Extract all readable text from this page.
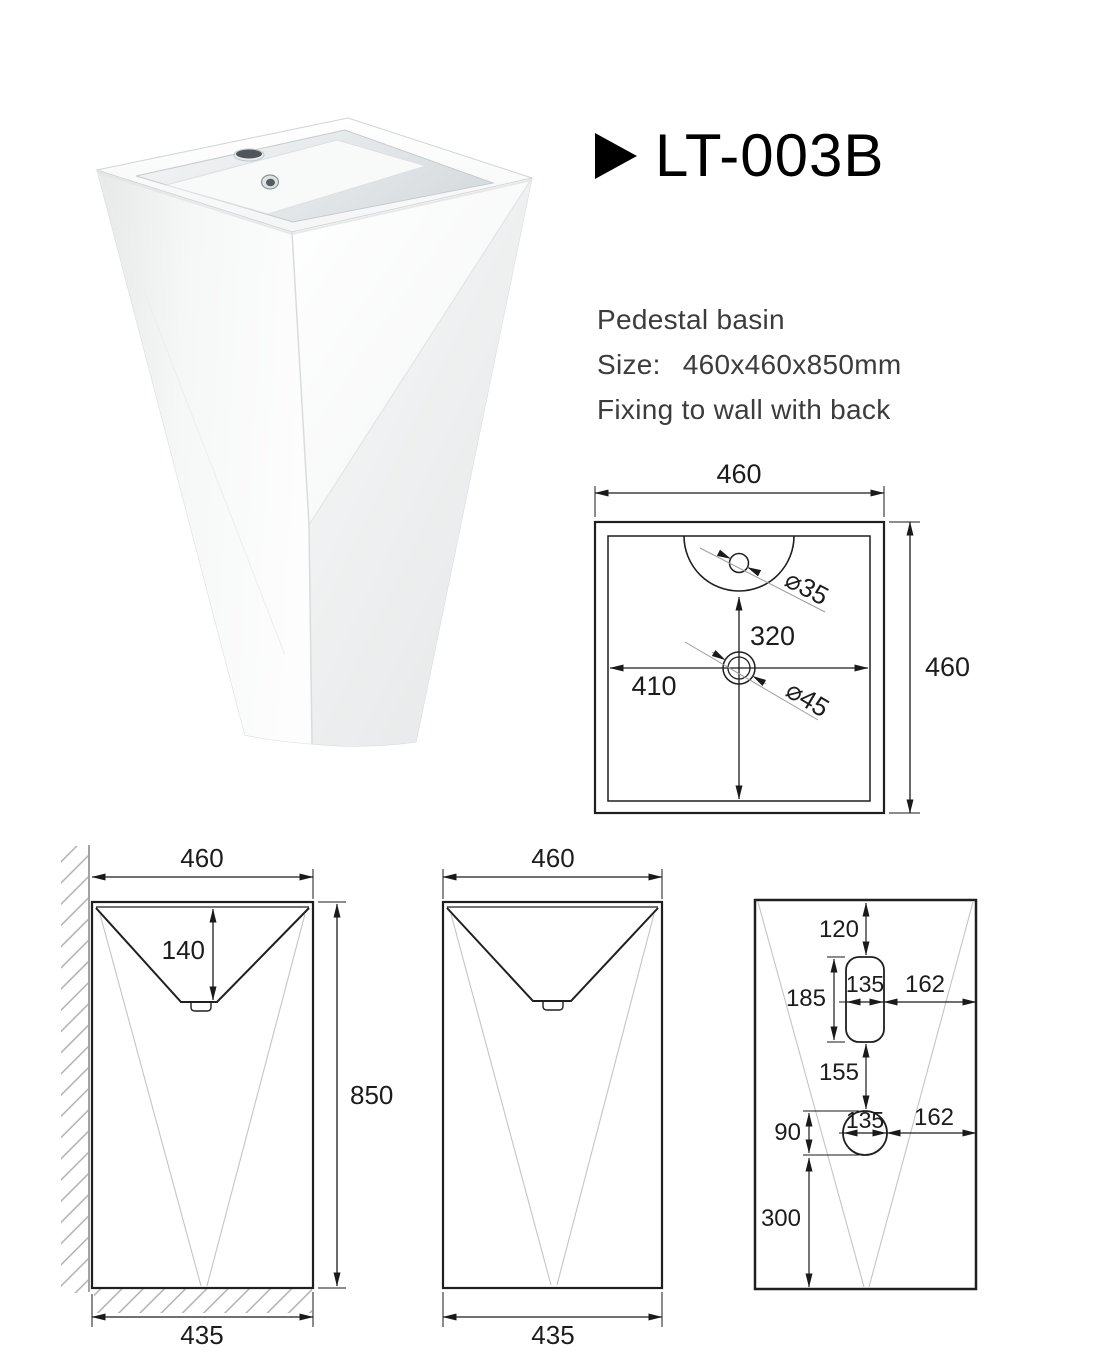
LT-003B
Pedestal basin
Size: 460x460x850mm
Fixing to wall with back
460
460
410
320
⌀35
⌀45
460
850
435
140
460
435
120
185
135 162
155
90 135 162
300
